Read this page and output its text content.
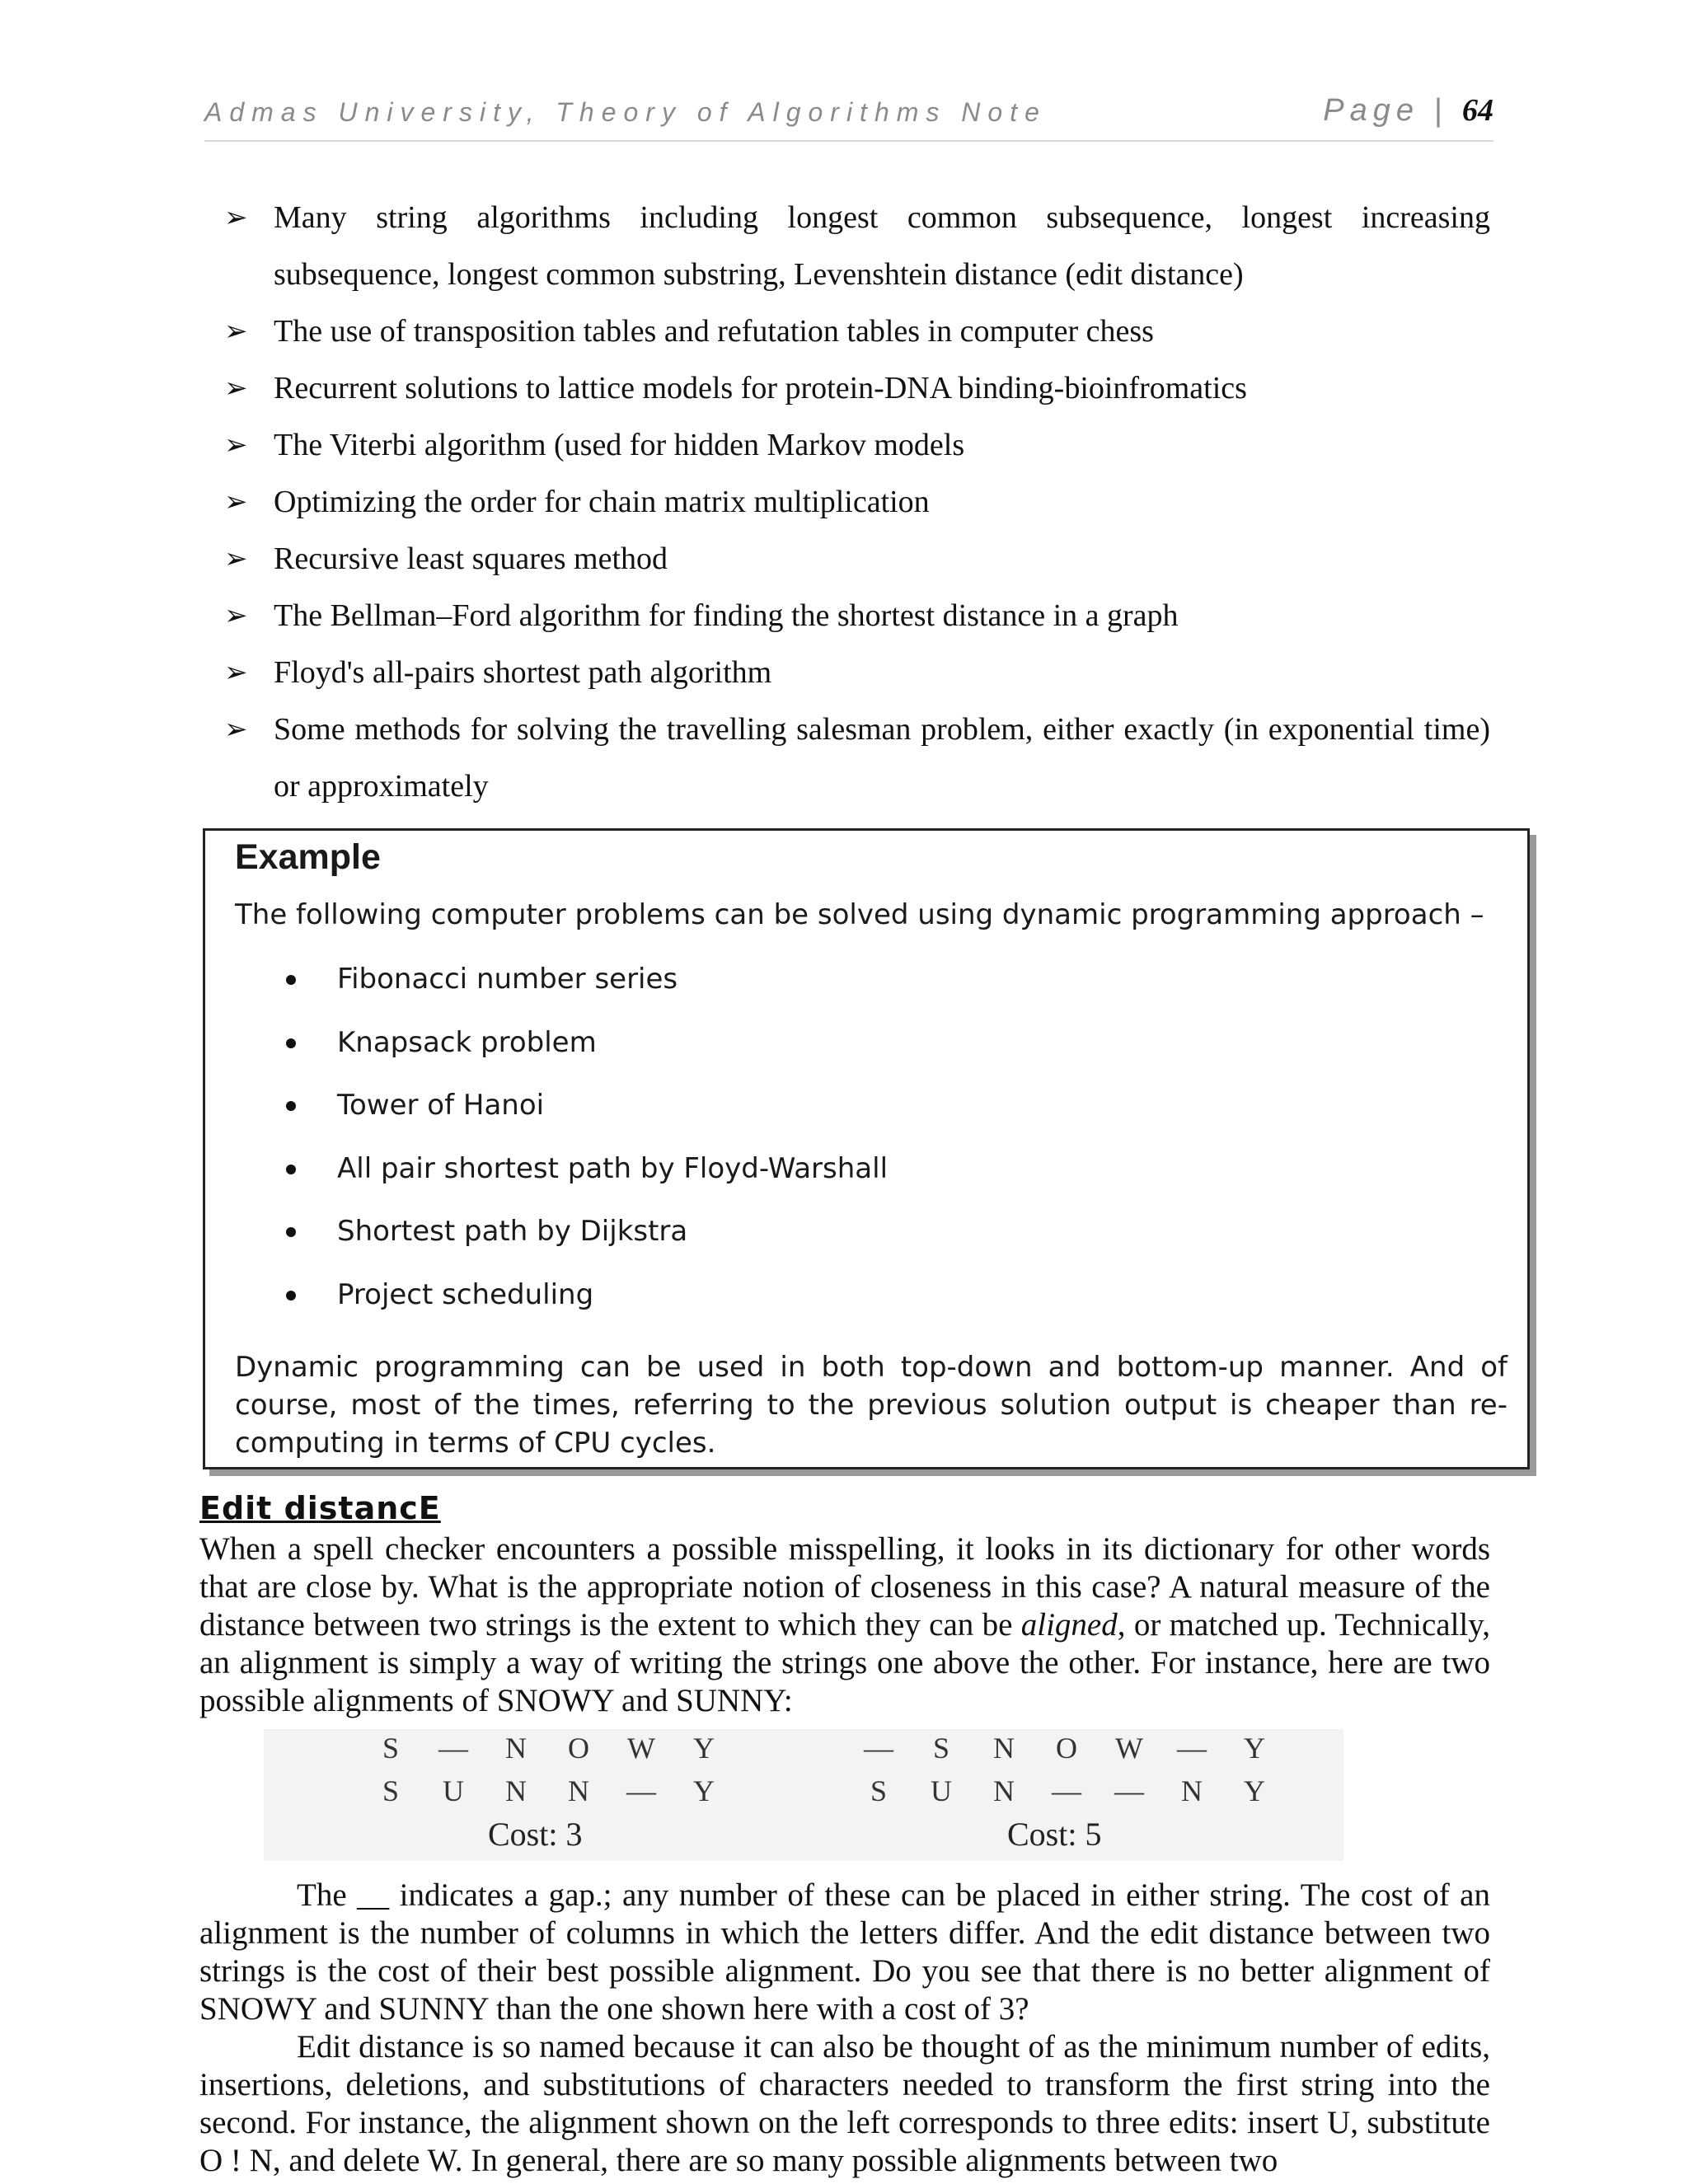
Admas University, Theory of Algorithms Note	Page | 64
➢ Many string algorithms including longest common subsequence, longest increasing subsequence, longest common substring, Levenshtein distance (edit distance)
➢ The use of transposition tables and refutation tables in computer chess
➢ Recurrent solutions to lattice models for protein-DNA binding-bioinfromatics
➢ The Viterbi algorithm (used for hidden Markov models
➢ Optimizing the order for chain matrix multiplication
➢ Recursive least squares method
➢ The Bellman–Ford algorithm for finding the shortest distance in a graph
➢ Floyd's all-pairs shortest path algorithm
➢ Some methods for solving the travelling salesman problem, either exactly (in exponential time) or approximately
Example
The following computer problems can be solved using dynamic programming approach –
Fibonacci number series
Knapsack problem
Tower of Hanoi
All pair shortest path by Floyd-Warshall
Shortest path by Dijkstra
Project scheduling
Dynamic programming can be used in both top-down and bottom-up manner. And of course, most of the times, referring to the previous solution output is cheaper than re-computing in terms of CPU cycles.
Edit distancE

When a spell checker encounters a possible misspelling, it looks in its dictionary for other words that are close by. What is the appropriate notion of closeness in this case? A natural measure of the distance between two strings is the extent to which they can be aligned, or matched up. Technically, an alignment is simply a way of writing the strings one above the other. For instance, here are two possible alignments of SNOWY and SUNNY:

S — N O W Y
S U N N — Y
Cost: 3
— S N O W — Y
S U N — — N Y
Cost: 5
The __ indicates a gap.; any number of these can be placed in either string. The cost of an alignment is the number of columns in which the letters differ. And the edit distance between two strings is the cost of their best possible alignment. Do you see that there is no better alignment of SNOWY and SUNNY than the one shown here with a cost of 3?
Edit distance is so named because it can also be thought of as the minimum number of edits, insertions, deletions, and substitutions of characters needed to transform the first string into the second. For instance, the alignment shown on the left corresponds to three edits: insert U, substitute O ! N, and delete W. In general, there are so many possible alignments between two
